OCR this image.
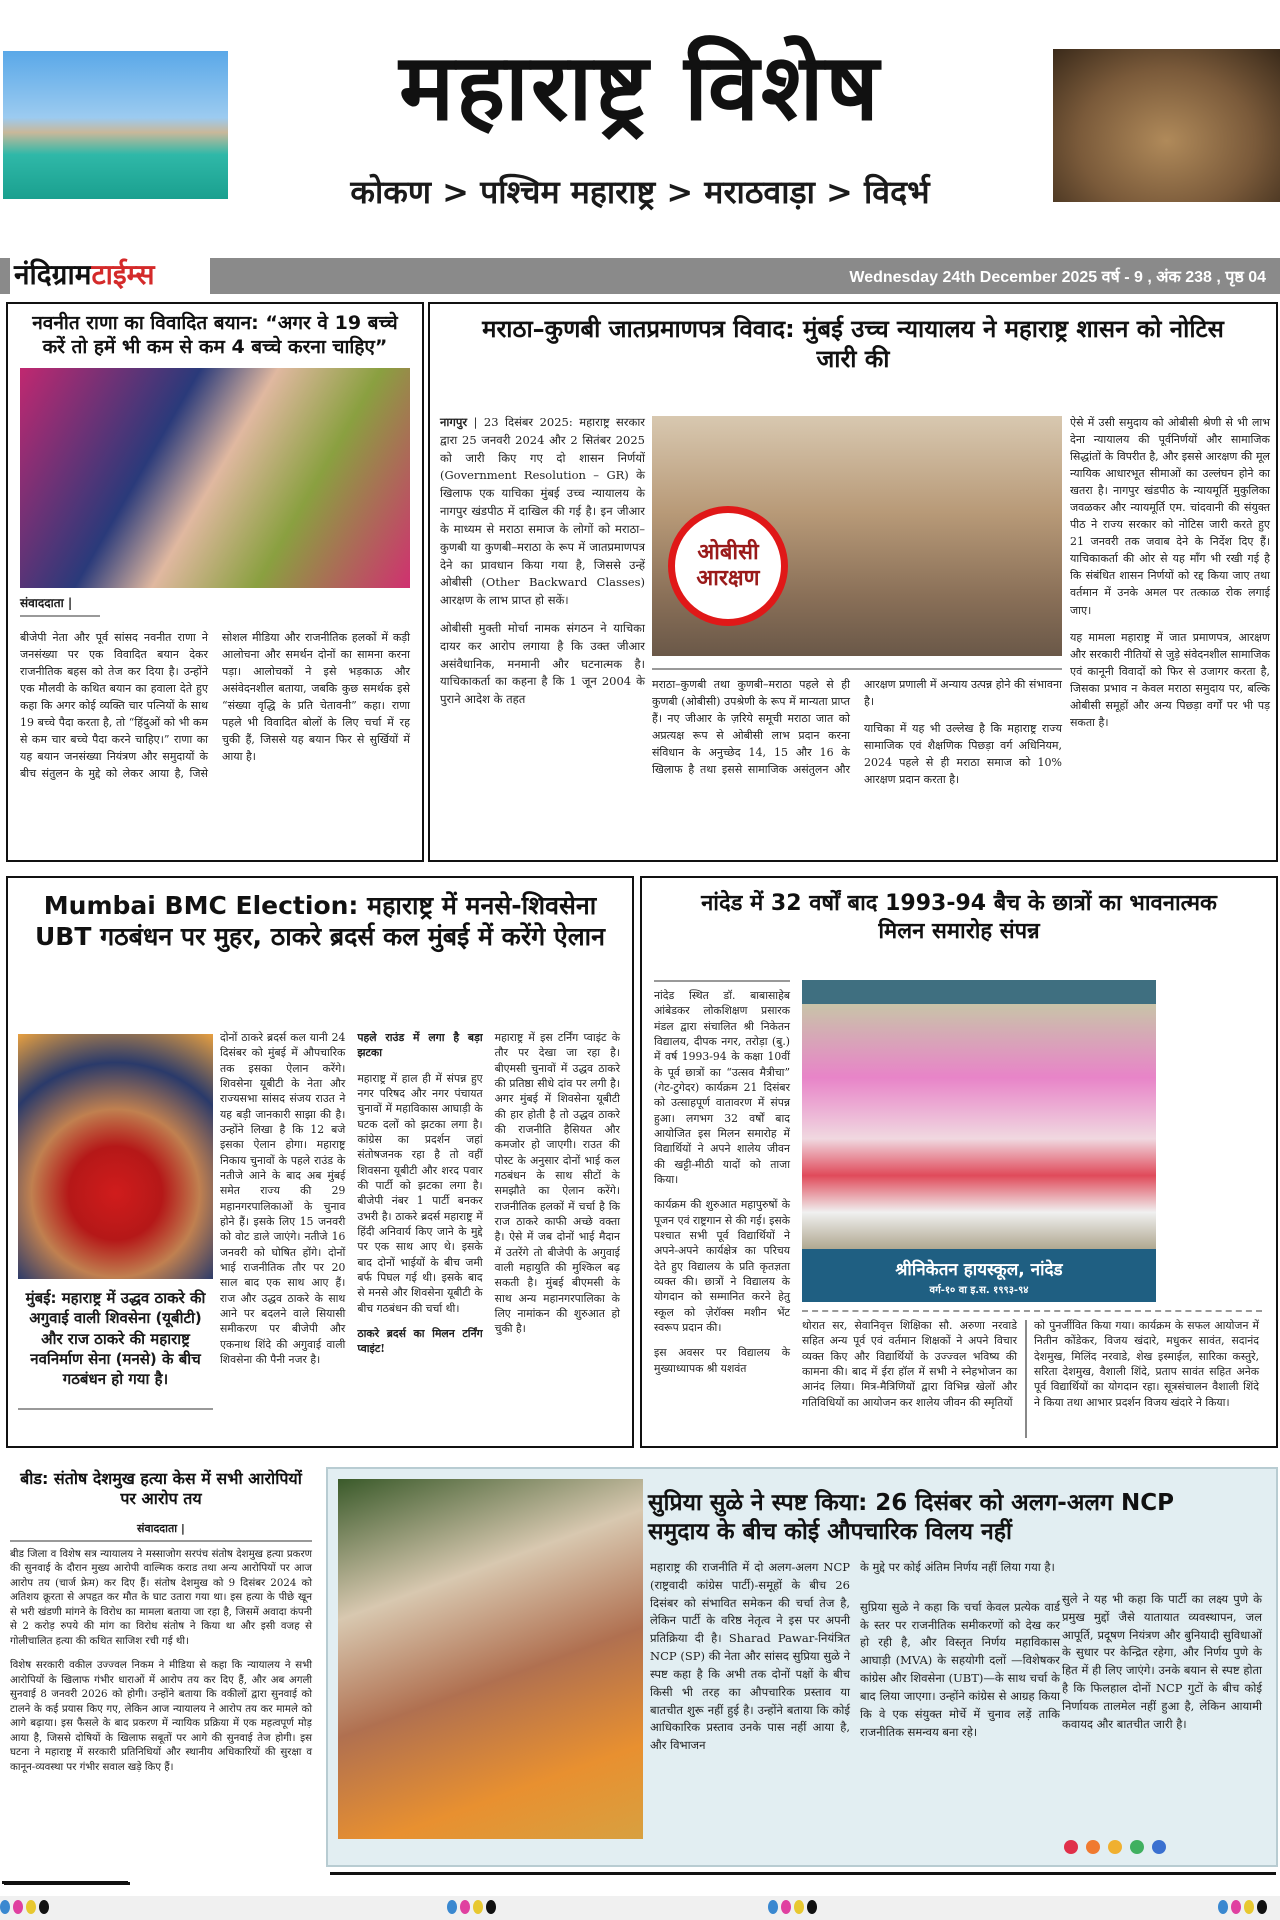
महाराष्ट्र विशेष
कोकण > पश्चिम महाराष्ट्र > मराठवाड़ा > विदर्भ
नंदिग्राम टाईम्स	Wednesday 24th December 2025 वर्ष - 9 , अंक 238 , पृष्ठ 04
नवनीत राणा का विवादित बयान: “अगर वे 19 बच्चे करें तो हमें भी कम से कम 4 बच्चे करना चाहिए”
संवाददाता |

बीजेपी नेता और पूर्व सांसद नवनीत राणा ने जनसंख्या पर एक विवादित बयान देकर राजनीतिक बहस को तेज कर दिया है। उन्होंने एक मौलवी के कथित बयान का हवाला देते हुए कहा कि अगर कोई व्यक्ति चार पत्नियों के साथ 19 बच्चे पैदा करता है, तो “हिंदुओं को भी कम से कम चार बच्चे पैदा करने चाहिए।” राणा का यह बयान जनसंख्या नियंत्रण और समुदायों के बीच संतुलन के मुद्दे को लेकर आया है, जिसे सोशल मीडिया और राजनीतिक हलकों में कड़ी आलोचना और समर्थन दोनों का सामना करना पड़ा। आलोचकों ने इसे भड़काऊ और असंवेदनशील बताया, जबकि कुछ समर्थक इसे “संख्या वृद्धि के प्रति चेतावनी” कहा। राणा पहले भी विवादित बोलों के लिए चर्चा में रह चुकी हैं, जिससे यह बयान फिर से सुर्खियों में आया है।

मराठा–कुणबी जातप्रमाणपत्र विवाद: मुंबई उच्च न्यायालय ने महाराष्ट्र शासन को नोटिस जारी की

नागपुर | 23 दिसंबर 2025: महाराष्ट्र सरकार द्वारा 25 जनवरी 2024 और 2 सितंबर 2025 को जारी किए गए दो शासन निर्णयों (Government Resolution – GR) के खिलाफ एक याचिका मुंबई उच्च न्यायालय के नागपुर खंडपीठ में दाखिल की गई है। इन जीआर के माध्यम से मराठा समाज के लोगों को मराठा–कुणबी या कुणबी–मराठा के रूप में जातप्रमाणपत्र देने का प्रावधान किया गया है, जिससे उन्हें ओबीसी (Other Backward Classes) आरक्षण के लाभ प्राप्त हो सकें।

ओबीसी मुक्ती मोर्चा नामक संगठन ने याचिका दायर कर आरोप लगाया है कि उक्त जीआर असंवैधानिक, मनमानी और घटनात्मक है। याचिकाकर्ता का कहना है कि 1 जून 2004 के पुराने आदेश के तहत

ओबीसी
आरक्षण

मराठा–कुणबी तथा कुणबी–मराठा पहले से ही कुणबी (ओबीसी) उपश्रेणी के रूप में मान्यता प्राप्त हैं। नए जीआर के ज़रिये समूची मराठा जात को अप्रत्यक्ष रूप से ओबीसी लाभ प्रदान करना संविधान के अनुच्छेद 14, 15 और 16 के खिलाफ है तथा इससे सामाजिक असंतुलन और आरक्षण प्रणाली में अन्याय उत्पन्न होने की संभावना है।

याचिका में यह भी उल्लेख है कि महाराष्ट्र राज्य सामाजिक एवं शैक्षणिक पिछड़ा वर्ग अधिनियम, 2024 पहले से ही मराठा समाज को 10% आरक्षण प्रदान करता है।

ऐसे में उसी समुदाय को ओबीसी श्रेणी से भी लाभ देना न्यायालय की पूर्वनिर्णयों और सामाजिक सिद्धांतों के विपरीत है, और इससे आरक्षण की मूल न्यायिक आधारभूत सीमाओं का उल्लंघन होने का खतरा है। नागपुर खंडपीठ के न्यायमूर्ति मुकुलिका जवळकर और न्यायमूर्ति एम. चांदवानी की संयुक्त पीठ ने राज्य सरकार को नोटिस जारी करते हुए 21 जनवरी तक जवाब देने के निर्देश दिए हैं। याचिकाकर्ता की ओर से यह माँग भी रखी गई है कि संबंधित शासन निर्णयों को रद्द किया जाए तथा वर्तमान में उनके अमल पर तत्काळ रोक लगाई जाए।

यह मामला महाराष्ट्र में जात प्रमाणपत्र, आरक्षण और सरकारी नीतियों से जुड़े संवेदनशील सामाजिक एवं कानूनी विवादों को फिर से उजागर करता है, जिसका प्रभाव न केवल मराठा समुदाय पर, बल्कि ओबीसी समूहों और अन्य पिछड़ा वर्गों पर भी पड़ सकता है।

Mumbai BMC Election: महाराष्ट्र में मनसे-शिवसेना UBT गठबंधन पर मुहर, ठाकरे ब्रदर्स कल मुंबई में करेंगे ऐलान
मुंबई: महाराष्ट्र में उद्धव ठाकरे की अगुवाई वाली शिवसेना (यूबीटी) और राज ठाकरे की महाराष्ट्र नवनिर्माण सेना (मनसे) के बीच गठबंधन हो गया है।

दोनों ठाकरे ब्रदर्स कल यानी 24 दिसंबर को मुंबई में औपचारिक तक इसका ऐलान करेंगे। शिवसेना यूबीटी के नेता और राज्यसभा सांसद संजय राउत ने यह बड़ी जानकारी साझा की है। उन्होंने लिखा है कि 12 बजे इसका ऐलान होगा। महाराष्ट्र निकाय चुनावों के पहले राउंड के नतीजे आने के बाद अब मुंबई समेत राज्य की 29 महानगरपालिकाओं के चुनाव होने हैं। इसके लिए 15 जनवरी को वोट डाले जाएंगे। नतीजे 16 जनवरी को घोषित होंगे। दोनों भाई राजनीतिक तौर पर 20 साल बाद एक साथ आए हैं। राज और उद्धव ठाकरे के साथ आने पर बदलने वाले सियासी समीकरण पर बीजेपी और एकनाथ शिंदे की अगुवाई वाली शिवसेना की पैनी नजर है।

पहले राउंड में लगा है बड़ा झटका

महाराष्ट्र में हाल ही में संपन्न हुए नगर परिषद और नगर पंचायत चुनावों में महाविकास आघाड़ी के घटक दलों को झटका लगा है। कांग्रेस का प्रदर्शन जहां संतोषजनक रहा है तो वहीं शिवसना यूबीटी और शरद पवार की पार्टी को झटका लगा है। बीजेपी नंबर 1 पार्टी बनकर उभरी है। ठाकरे ब्रदर्स महाराष्ट्र में हिंदी अनिवार्य किए जाने के मुद्दे पर एक साथ आए थे। इसके बाद दोनों भाईयों के बीच जमी बर्फ पिघल गई थी। इसके बाद से मनसे और शिवसेना यूबीटी के बीच गठबंधन की चर्चा थी।

ठाकरे ब्रदर्स का मिलन टर्निंग प्वाइंट!

महाराष्ट्र में इस टर्निंग प्वाइंट के तौर पर देखा जा रहा है। बीएमसी चुनावों में उद्धव ठाकरे की प्रतिष्ठा सीधे दांव पर लगी है। अगर मुंबई में शिवसेना यूबीटी की हार होती है तो उद्धव ठाकरे की राजनीति हैसियत और कमजोर हो जाएगी। राउत की पोस्ट के अनुसार दोनों भाई कल गठबंधन के साथ सीटों के समझौते का ऐलान करेंगे। राजनीतिक हलकों में चर्चा है कि राज ठाकरे काफी अच्छे वक्ता है। ऐसे में जब दोनों भाई मैदान में उतरेंगे तो बीजेपी के अगुवाई वाली महायुति की मुश्किल बढ़ सकती है। मुंबई बीएमसी के साथ अन्य महानगरपालिका के लिए नामांकन की शुरुआत हो चुकी है।

नांदेड में 32 वर्षों बाद 1993-94 बैच के छात्रों का भावनात्मक मिलन समारोह संपन्न

नांदेड स्थित डॉ. बाबासाहेब आंबेडकर लोकशिक्षण प्रसारक मंडल द्वारा संचालित श्री निकेतन विद्यालय, दीपक नगर, तरोड़ा (बु.) में वर्ष 1993-94 के कक्षा 10वीं के पूर्व छात्रों का “उत्सव मैत्रीचा” (गेट-टुगेदर) कार्यक्रम 21 दिसंबर को उत्साहपूर्ण वातावरण में संपन्न हुआ। लगभग 32 वर्षों बाद आयोजित इस मिलन समारोह में विद्यार्थियों ने अपने शालेय जीवन की खट्टी-मीठी यादों को ताजा किया।

कार्यक्रम की शुरुआत महापुरुषों के पूजन एवं राष्ट्रगान से की गई। इसके पश्चात सभी पूर्व विद्यार्थियों ने अपने-अपने कार्यक्षेत्र का परिचय देते हुए विद्यालय के प्रति कृतज्ञता व्यक्त की। छात्रों ने विद्यालय के योगदान को सम्मानित करने हेतु स्कूल को ज़ेरॉक्स मशीन भेंट स्वरूप प्रदान की।

इस अवसर पर विद्यालय के मुख्याध्यापक श्री यशवंत

श्रीनिकेतन हायस्कूल, नांदेड
वर्ग-१० वा इ.स. १९९३-९४

थोरात सर, सेवानिवृत्त शिक्षिका सौ. अरुणा नरवाडे सहित अन्य पूर्व एवं वर्तमान शिक्षकों ने अपने विचार व्यक्त किए और विद्यार्थियों के उज्ज्वल भविष्य की कामना की। बाद में ईरा हॉल में सभी ने स्नेहभोजन का आनंद लिया। मित्र-मैत्रिणियों द्वारा विभिन्न खेलों और गतिविधियों का आयोजन कर शालेय जीवन की स्मृतियों

को पुनर्जीवित किया गया। कार्यक्रम के सफल आयोजन में नितीन कोंडेकर, विजय खंदारे, मधुकर सावंत, सदानंद देशमुख, मिलिंद नरवाडे, शेख इस्माईल, सारिका कस्तुरे, सरिता देशमुख, वैशाली शिंदे, प्रताप सावंत सहित अनेक पूर्व विद्यार्थियों का योगदान रहा। सूत्रसंचालन वैशाली शिंदे ने किया तथा आभार प्रदर्शन विजय खंदारे ने किया।

बीड: संतोष देशमुख हत्या केस में सभी आरोपियों पर आरोप तय
संवाददाता |

बीड जिला व विशेष सत्र न्यायालय ने मस्साजोग सरपंच संतोष देशमुख हत्या प्रकरण की सुनवाई के दौरान मुख्य आरोपी वाल्मिक कराड तथा अन्य आरोपियों पर आज आरोप तय (चार्ज फ्रेम) कर दिए हैं। संतोष देशमुख को 9 दिसंबर 2024 को अतिशय क्रूरता से अपहृत कर मौत के घाट उतारा गया था। इस हत्या के पीछे खून से भरी खंडणी मांगने के विरोध का मामला बताया जा रहा है, जिसमें अवादा कंपनी से 2 करोड़ रुपये की मांग का विरोध संतोष ने किया था और इसी वजह से गोलीचालित हत्या की कथित साजिश रची गई थी।

विशेष सरकारी वकील उज्ज्वल निकम ने मीडिया से कहा कि न्यायालय ने सभी आरोपियों के खिलाफ गंभीर धाराओं में आरोप तय कर दिए हैं, और अब अगली सुनवाई 8 जनवरी 2026 को होगी। उन्होंने बताया कि वकीलों द्वारा सुनवाई को टालने के कई प्रयास किए गए, लेकिन आज न्यायालय ने आरोप तय कर मामले को आगे बढ़ाया। इस फैसले के बाद प्रकरण में न्यायिक प्रक्रिया में एक महत्वपूर्ण मोड़ आया है, जिससे दोषियों के खिलाफ सबूतों पर आगे की सुनवाई तेज होगी। इस घटना ने महाराष्ट्र में सरकारी प्रतिनिधियों और स्थानीय अधिकारियों की सुरक्षा व कानून-व्यवस्था पर गंभीर सवाल खड़े किए हैं।

सुप्रिया सुळे ने स्पष्ट किया: 26 दिसंबर को अलग-अलग NCP समुदाय के बीच कोई औपचारिक विलय नहीं

महाराष्ट्र की राजनीति में दो अलग-अलग NCP (राष्ट्रवादी कांग्रेस पार्टी)-समूहों के बीच 26 दिसंबर को संभावित समेकन की चर्चा तेज है, लेकिन पार्टी के वरिष्ठ नेतृत्व ने इस पर अपनी प्रतिक्रिया दी है। Sharad Pawar-नियंत्रित NCP (SP) की नेता और सांसद सुप्रिया सुळे ने स्पष्ट कहा है कि अभी तक दोनों पक्षों के बीच किसी भी तरह का औपचारिक प्रस्ताव या बातचीत शुरू नहीं हुई है। उन्होंने बताया कि कोई आधिकारिक प्रस्ताव उनके पास नहीं आया है, और विभाजन

के मुद्दे पर कोई अंतिम निर्णय नहीं लिया गया है।

सुप्रिया सुळे ने कहा कि चर्चा केवल प्रत्येक वार्ड के स्तर पर राजनीतिक समीकरणों को देख कर हो रही है, और विस्तृत निर्णय महाविकास आघाड़ी (MVA) के सहयोगी दलों —विशेषकर कांग्रेस और शिवसेना (UBT)—के साथ चर्चा के बाद लिया जाएगा। उन्होंने कांग्रेस से आग्रह किया कि वे एक संयुक्त मोर्चे में चुनाव लड़ें ताकि राजनीतिक समन्वय बना रहे।

सुले ने यह भी कहा कि पार्टी का लक्ष्य पुणे के प्रमुख मुद्दों जैसे यातायात व्यवस्थापन, जल आपूर्ति, प्रदूषण नियंत्रण और बुनियादी सुविधाओं के सुधार पर केन्द्रित रहेगा, और निर्णय पुणे के हित में ही लिए जाएंगे। उनके बयान से स्पष्ट होता है कि फिलहाल दोनों NCP गुटों के बीच कोई निर्णायक तालमेल नहीं हुआ है, लेकिन आयामी कवायद और बातचीत जारी है।
